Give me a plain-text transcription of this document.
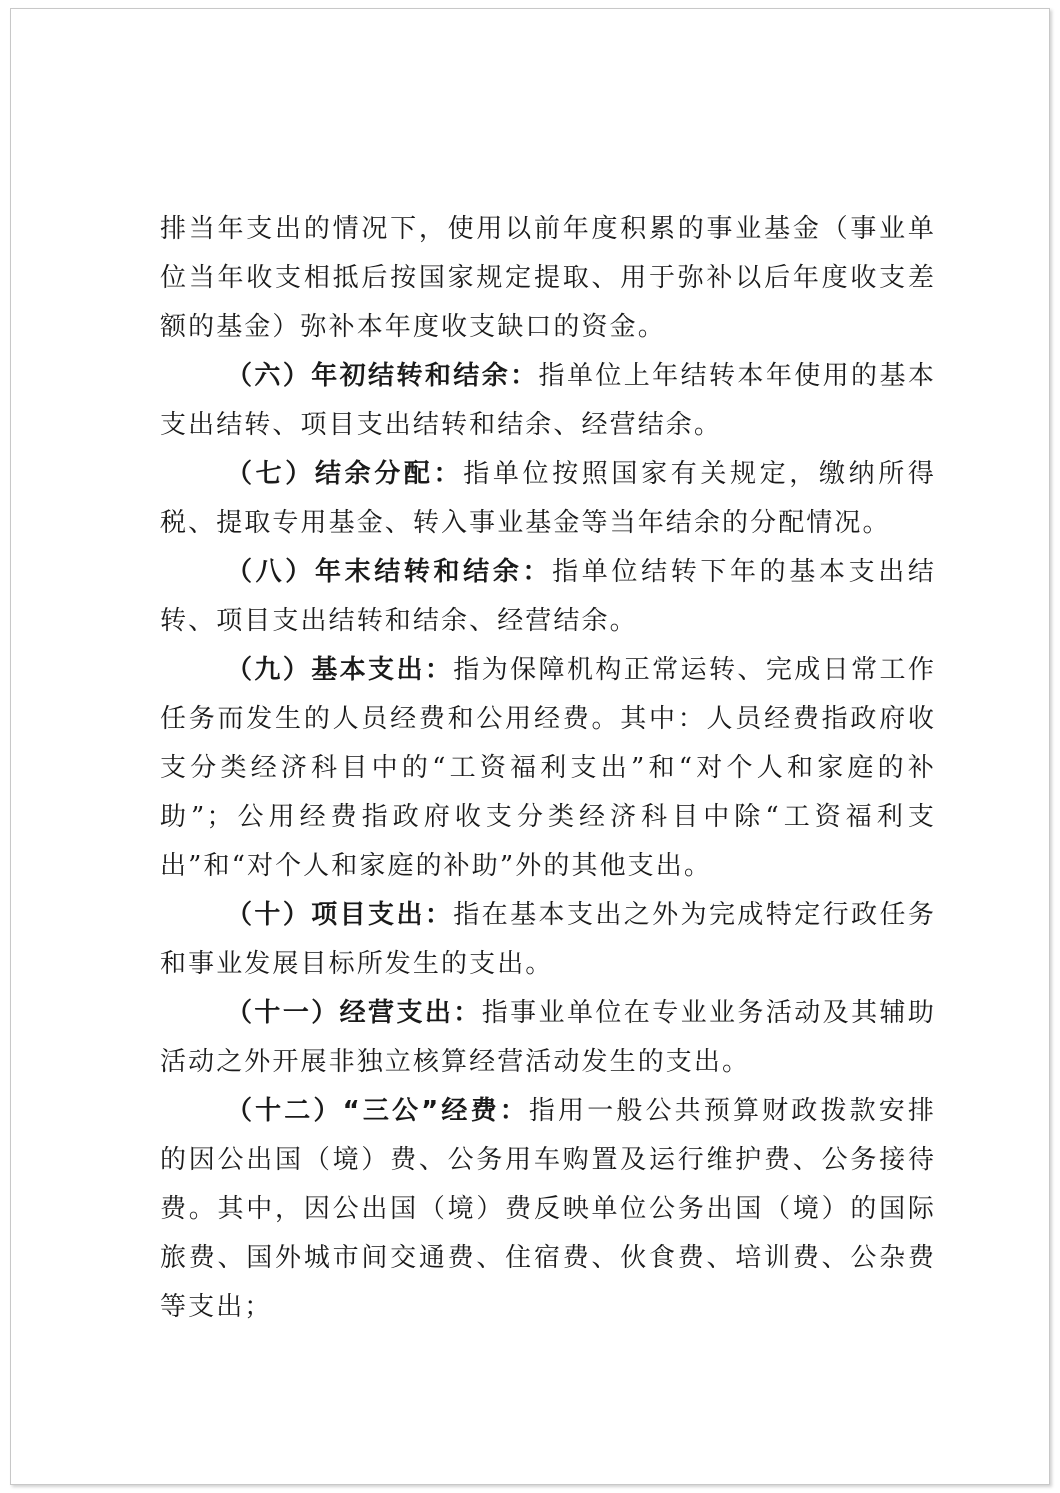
排当年支出的情况下，使用以前年度积累的事业基金（事业单位当年收支相抵后按国家规定提取、用于弥补以后年度收支差额的基金）弥补本年度收支缺口的资金。

（六）年初结转和结余：指单位上年结转本年使用的基本支出结转、项目支出结转和结余、经营结余。

（七）结余分配：指单位按照国家有关规定，缴纳所得税、提取专用基金、转入事业基金等当年结余的分配情况。

（八）年末结转和结余：指单位结转下年的基本支出结转、项目支出结转和结余、经营结余。

（九）基本支出：指为保障机构正常运转、完成日常工作任务而发生的人员经费和公用经费。其中：人员经费指政府收支分类经济科目中的“工资福利支出”和“对个人和家庭的补助”；公用经费指政府收支分类经济科目中除“工资福利支出”和“对个人和家庭的补助”外的其他支出。

（十）项目支出：指在基本支出之外为完成特定行政任务和事业发展目标所发生的支出。

（十一）经营支出：指事业单位在专业业务活动及其辅助活动之外开展非独立核算经营活动发生的支出。

（十二）“三公”经费：指用一般公共预算财政拨款安排的因公出国（境）费、公务用车购置及运行维护费、公务接待费。其中，因公出国（境）费反映单位公务出国（境）的国际旅费、国外城市间交通费、住宿费、伙食费、培训费、公杂费等支出；
